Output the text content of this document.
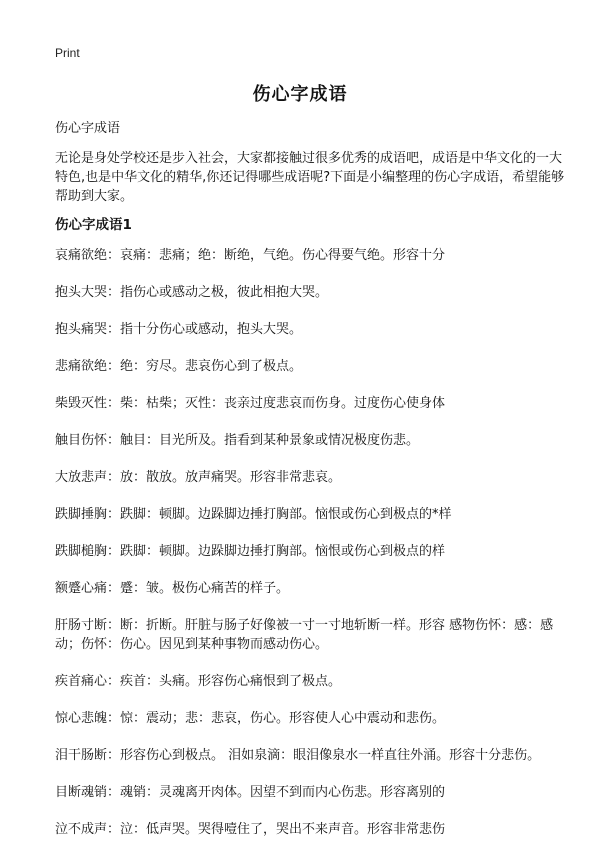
Print
伤心字成语

伤心字成语

无论是身处学校还是步入社会，大家都接触过很多优秀的成语吧，成语是中华文化的一大特色,也是中华文化的精华,你还记得哪些成语呢?下面是小编整理的伤心字成语，希望能够帮助到大家。

伤心字成语1

哀痛欲绝：哀痛：悲痛；绝：断绝，气绝。伤心得要气绝。形容十分

抱头大哭：指伤心或感动之极，彼此相抱大哭。

抱头痛哭：指十分伤心或感动，抱头大哭。

悲痛欲绝：绝：穷尽。悲哀伤心到了极点。

柴毁灭性：柴：枯柴；灭性：丧亲过度悲哀而伤身。过度伤心使身体

触目伤怀：触目：目光所及。指看到某种景象或情况极度伤悲。

大放悲声：放：散放。放声痛哭。形容非常悲哀。

跌脚捶胸：跌脚：顿脚。边跺脚边捶打胸部。恼恨或伤心到极点的*样

跌脚槌胸：跌脚：顿脚。边跺脚边捶打胸部。恼恨或伤心到极点的样

额蹙心痛：蹙：皱。极伤心痛苦的样子。

肝肠寸断：断：折断。肝脏与肠子好像被一寸一寸地斩断一样。形容 感物伤怀：感：感动；伤怀：伤心。因见到某种事物而感动伤心。

疾首痛心：疾首：头痛。形容伤心痛恨到了极点。

惊心悲魄：惊：震动；悲：悲哀，伤心。形容使人心中震动和悲伤。

泪干肠断：形容伤心到极点。 泪如泉滴：眼泪像泉水一样直往外涌。形容十分悲伤。

目断魂销：魂销：灵魂离开肉体。因望不到而内心伤悲。形容离别的

泣不成声：泣：低声哭。哭得噎住了，哭出不来声音。形容非常悲伤
